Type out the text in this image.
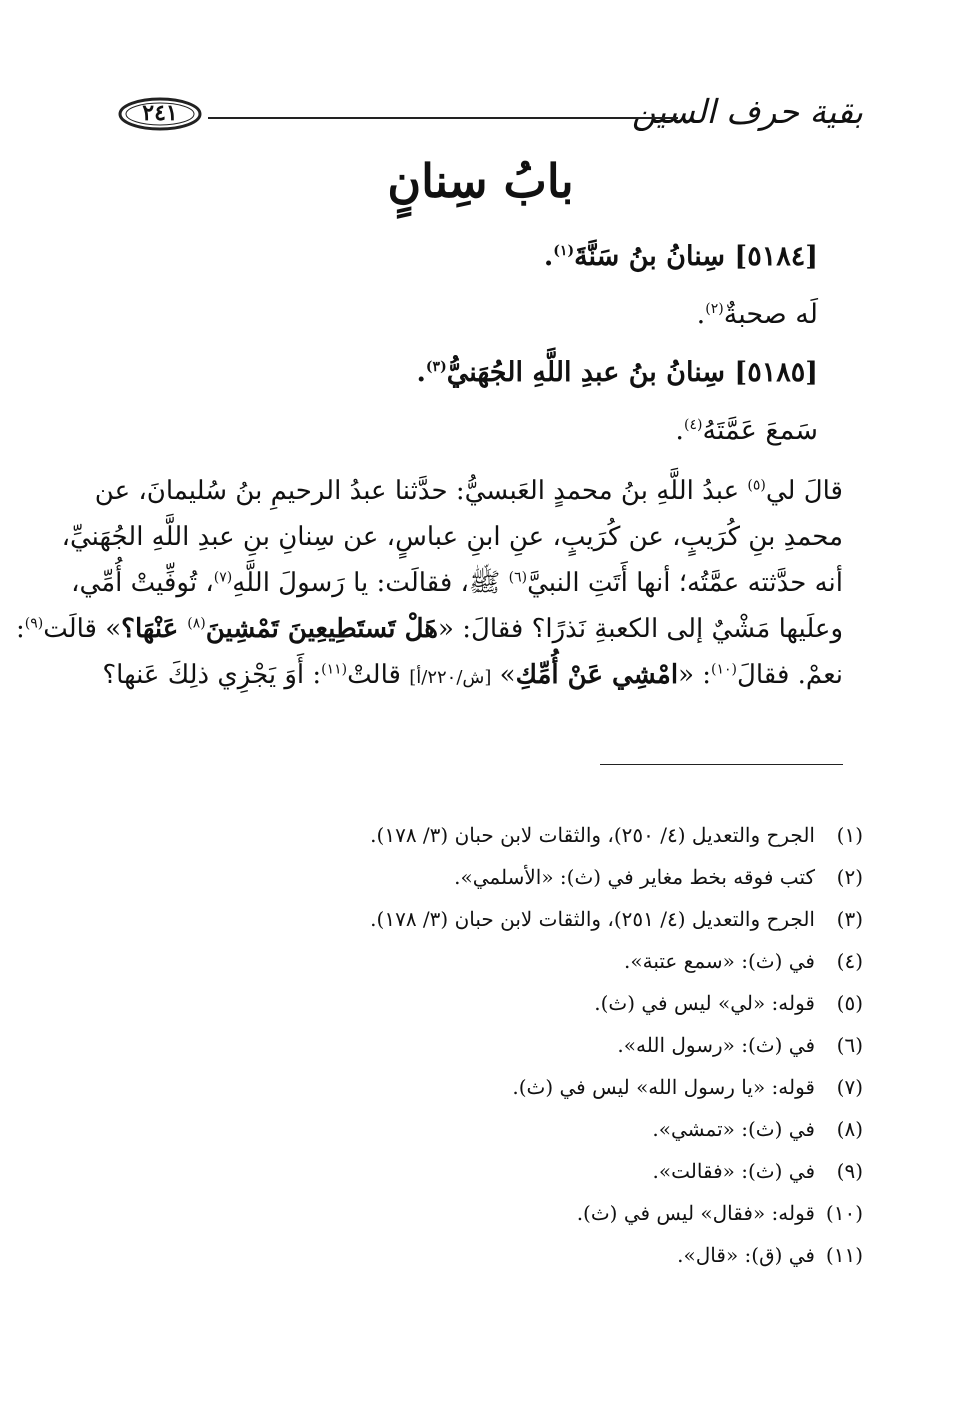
بقية حرف السين
٢٤١
بابُ سِنانٍ
[٥١٨٤] سِنانُ بنُ سَنَّةَ$^{(١)}$.
لَه صحبةٌ$^{(٢)}$.
[٥١٨٥] سِنانُ بنُ عبدِ اللَّهِ الجُهَنيُّ$^{(٣)}$.
سَمعَ عَمَّتَهُ$^{(٤)}$.
قالَ لي$^{(٥)}$ عبدُ اللَّهِ بنُ محمدٍ العَبسيُّ: حدَّثنا عبدُ الرحيمِ بنُ سُليمانَ، عن
محمدِ بنِ كُرَيبٍ، عن كُرَيبٍ، عنِ ابنِ عباسٍ، عن سِنانِ بنِ عبدِ اللَّهِ الجُهَنيِّ،
أنه حدَّثته عمَّتُه؛ أنها أَتَتِ النبيَّ$^{(٦)}$ ﷺ، فقالَت: يا رَسولَ اللَّهِ$^{(٧)}$، تُوفِّيتْ أُمِّي،
وعلَيها مَشْيٌ إلى الكعبةِ نَذرًا؟ فقالَ: «هَلْ تَستَطِيعِينَ تَمْشِينَ$^{(٨)}$ عَنْهَا؟» قالَت$^{(٩)}$:
نعمْ. فقالَ$^{(١٠)}$: «امْشِي عَنْ أُمِّكِ» [ش/٢٢٠/أ] قالتْ$^{(١١)}$: أَوَ يَجْزِي ذلِكَ عَنها؟
(١)الجرح والتعديل (٤/ ٢٥٠)، والثقات لابن حبان (٣/ ١٧٨).
(٢)كتب فوقه بخط مغاير في (ث): «الأسلمي».
(٣)الجرح والتعديل (٤/ ٢٥١)، والثقات لابن حبان (٣/ ١٧٨).
(٤)في (ث): «سمع عتبة».
(٥)قوله: «لي» ليس في (ث).
(٦)في (ث): «رسول الله».
(٧)قوله: «يا رسول الله» ليس في (ث).
(٨)في (ث): «تمشي».
(٩)في (ث): «فقالت».
(١٠)قوله: «فقال» ليس في (ث).
(١١)في (ق): «قال».
